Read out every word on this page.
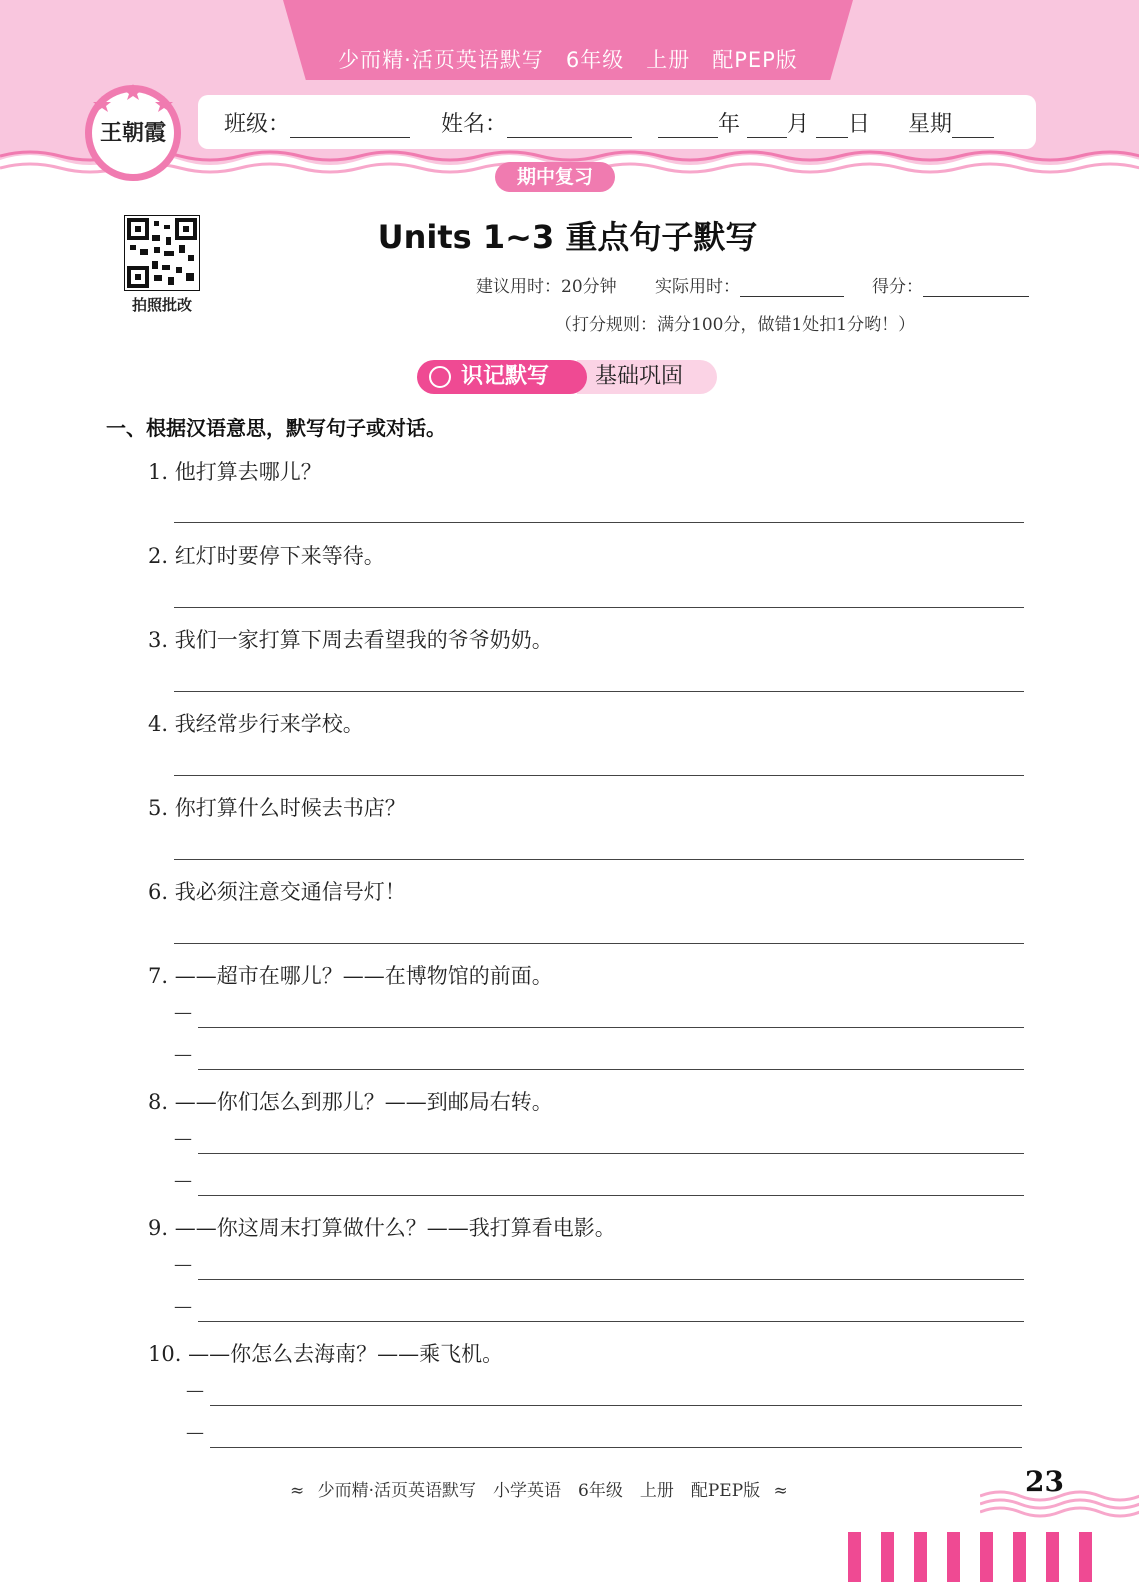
少而精·活页英语默写　6年级　上册　配PEP版
王朝霞	班级：	姓名：	年 月 日 星期
期中复习
拍照批改
Units 1~3 重点句子默写
建议用时：20分钟 实际用时：	得分：
（打分规则：满分100分，做错1处扣1分哟！）
基础巩固
识记默写
一、根据汉语意思，默写句子或对话。
1. 他打算去哪儿？
2. 红灯时要停下来等待。
3. 我们一家打算下周去看望我的爷爷奶奶。
4. 我经常步行来学校。
5. 你打算什么时候去书店？
6. 我必须注意交通信号灯！
7. ——超市在哪儿？——在博物馆的前面。
—
—
8. ——你们怎么到那儿？——到邮局右转。
—
—
9. ——你这周末打算做什么？——我打算看电影。
—
—
10. ——你怎么去海南？——乘飞机。
—
—
≈ 少而精·活页英语默写　小学英语　6年级　上册　配PEP版 ≈	23
